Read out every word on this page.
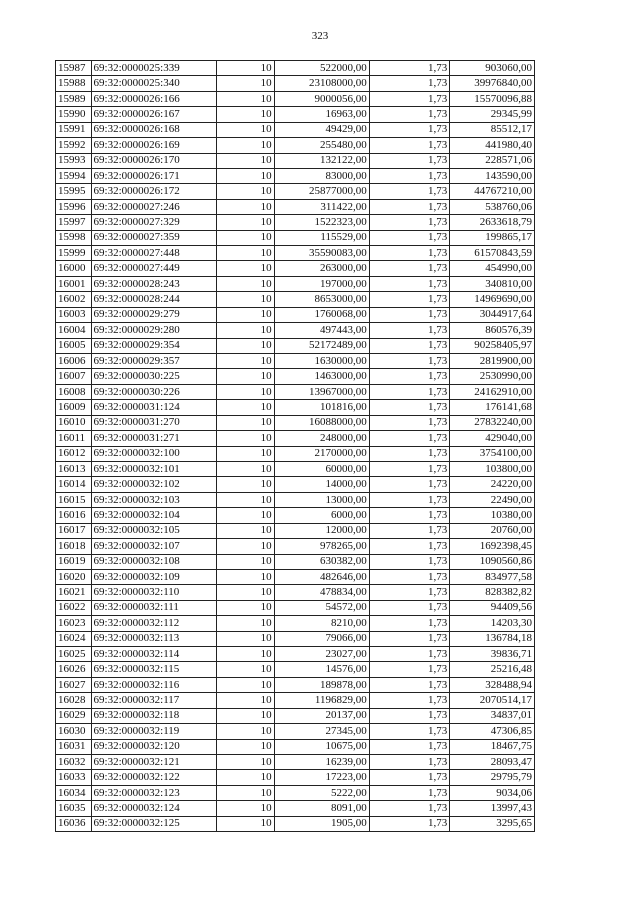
323
15987	69:32:0000025:339	10	522000,00	1,73	903060,00
15988	69:32:0000025:340	10	23108000,00	1,73	39976840,00
15989	69:32:0000026:166	10	9000056,00	1,73	15570096,88
15990	69:32:0000026:167	10	16963,00	1,73	29345,99
15991	69:32:0000026:168	10	49429,00	1,73	85512,17
15992	69:32:0000026:169	10	255480,00	1,73	441980,40
15993	69:32:0000026:170	10	132122,00	1,73	228571,06
15994	69:32:0000026:171	10	83000,00	1,73	143590,00
15995	69:32:0000026:172	10	25877000,00	1,73	44767210,00
15996	69:32:0000027:246	10	311422,00	1,73	538760,06
15997	69:32:0000027:329	10	1522323,00	1,73	2633618,79
15998	69:32:0000027:359	10	115529,00	1,73	199865,17
15999	69:32:0000027:448	10	35590083,00	1,73	61570843,59
16000	69:32:0000027:449	10	263000,00	1,73	454990,00
16001	69:32:0000028:243	10	197000,00	1,73	340810,00
16002	69:32:0000028:244	10	8653000,00	1,73	14969690,00
16003	69:32:0000029:279	10	1760068,00	1,73	3044917,64
16004	69:32:0000029:280	10	497443,00	1,73	860576,39
16005	69:32:0000029:354	10	52172489,00	1,73	90258405,97
16006	69:32:0000029:357	10	1630000,00	1,73	2819900,00
16007	69:32:0000030:225	10	1463000,00	1,73	2530990,00
16008	69:32:0000030:226	10	13967000,00	1,73	24162910,00
16009	69:32:0000031:124	10	101816,00	1,73	176141,68
16010	69:32:0000031:270	10	16088000,00	1,73	27832240,00
16011	69:32:0000031:271	10	248000,00	1,73	429040,00
16012	69:32:0000032:100	10	2170000,00	1,73	3754100,00
16013	69:32:0000032:101	10	60000,00	1,73	103800,00
16014	69:32:0000032:102	10	14000,00	1,73	24220,00
16015	69:32:0000032:103	10	13000,00	1,73	22490,00
16016	69:32:0000032:104	10	6000,00	1,73	10380,00
16017	69:32:0000032:105	10	12000,00	1,73	20760,00
16018	69:32:0000032:107	10	978265,00	1,73	1692398,45
16019	69:32:0000032:108	10	630382,00	1,73	1090560,86
16020	69:32:0000032:109	10	482646,00	1,73	834977,58
16021	69:32:0000032:110	10	478834,00	1,73	828382,82
16022	69:32:0000032:111	10	54572,00	1,73	94409,56
16023	69:32:0000032:112	10	8210,00	1,73	14203,30
16024	69:32:0000032:113	10	79066,00	1,73	136784,18
16025	69:32:0000032:114	10	23027,00	1,73	39836,71
16026	69:32:0000032:115	10	14576,00	1,73	25216,48
16027	69:32:0000032:116	10	189878,00	1,73	328488,94
16028	69:32:0000032:117	10	1196829,00	1,73	2070514,17
16029	69:32:0000032:118	10	20137,00	1,73	34837,01
16030	69:32:0000032:119	10	27345,00	1,73	47306,85
16031	69:32:0000032:120	10	10675,00	1,73	18467,75
16032	69:32:0000032:121	10	16239,00	1,73	28093,47
16033	69:32:0000032:122	10	17223,00	1,73	29795,79
16034	69:32:0000032:123	10	5222,00	1,73	9034,06
16035	69:32:0000032:124	10	8091,00	1,73	13997,43
16036	69:32:0000032:125	10	1905,00	1,73	3295,65
